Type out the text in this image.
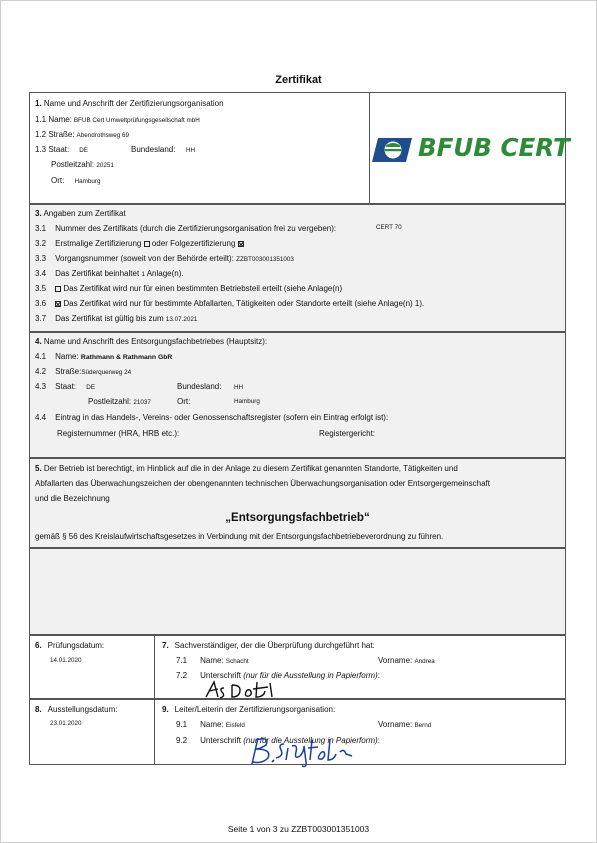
Zertifikat
1. Name und Anschrift der Zertifizierungsorganisation
1.1 Name: BFUB Cert Umweltprüfungsgesellschaft mbH
1.2 Straße: Abendrothsweg 69
1.3 Staat: DE	Bundesland: HH
Postleitzahl: 20251
Ort: Hamburg
BFUB CERT
3. Angaben zum Zertifikat
3.1 Nummer des Zertifikats (durch die Zertifizierungsorganisation frei zu vergeben):	CERT 70
3.2 Erstmalige Zertifizierung oder Folgezertifizierung
3.3 Vorgangsnummer (soweit von der Behörde erteilt): ZZBT003001351003
3.4 Das Zertifikat beinhaltet 1 Anlage(n).
3.5 Das Zertifikat wird nur für einen bestimmten Betriebsteil erteilt (siehe Anlage(n)
3.6 Das Zertifikat wird nur für bestimmte Abfallarten, Tätigkeiten oder Standorte erteilt (siehe Anlage(n) 1).
3.7 Das Zertifikat ist gültig bis zum 13.07.2021
4. Name und Anschrift des Entsorgungsfachbetriebes (Hauptsitz):
4.1 Name: Rathmann & Rathmann GbR
4.2 Straße:Süderquerweg 24
4.3 Staat: DE	Bundesland: HH
Postleitzahl: 21037	Ort:	Hamburg
4.4 Eintrag in das Handels-, Vereins- oder Genossenschaftsregister (sofern ein Eintrag erfolgt ist):
Registernummer (HRA, HRB etc.):	Registergericht:
5. Der Betrieb ist berechtigt, im Hinblick auf die in der Anlage zu diesem Zertifikat genannten Standorte, Tätigkeiten und
Abfallarten das Überwachungszeichen der obengenannten technischen Überwachungsorganisation oder Entsorgergemeinschaft
und die Bezeichnung
„Entsorgungsfachbetrieb“
gemäß § 56 des Kreislaufwirtschaftsgesetzes in Verbindung mit der Entsorgungsfachbetriebeverordnung zu führen.
6. Prüfungsdatum:
14.01.2020
7. Sachverständiger, der die Überprüfung durchgeführt hat:
7.1 Name: Schacht	Vorname: Andrea
7.2 Unterschrift (nur für die Ausstellung in Papierform):
8. Ausstellungsdatum:
23.01.2020
9. Leiter/Leiterin der Zertifizierungsorganisation:
9.1 Name: Eisfeld	Vorname: Bernd
9.2 Unterschrift (nur für die Ausstellung in Papierform):
Seite 1 von 3 zu ZZBT003001351003
